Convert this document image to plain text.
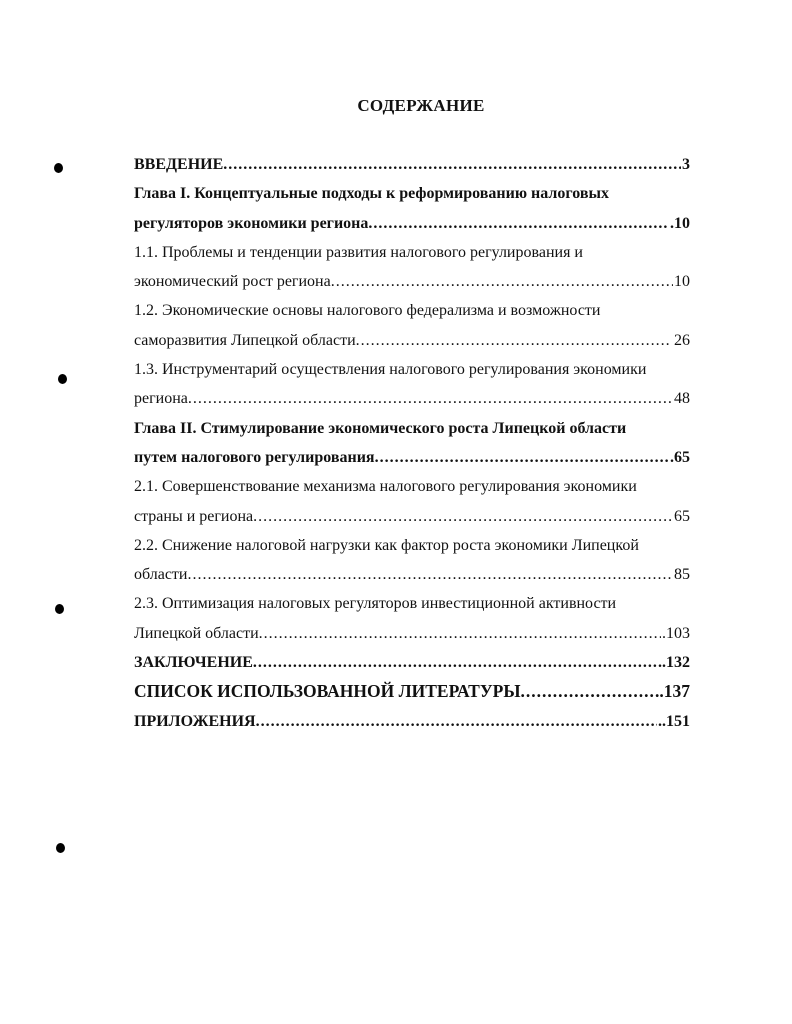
СОДЕРЖАНИЕ
ВВЕДЕНИЕ .....	3
Глава I. Концептуальные подходы к реформированию налоговых
регуляторов экономики региона .....	.10
1.1. Проблемы и тенденции развития налогового регулирования и
экономический рост региона .....	10
1.2. Экономические основы налогового федерализма и возможности
саморазвития Липецкой области .....	26
1.3. Инструментарий осуществления налогового регулирования экономики
региона .....	48
Глава II. Стимулирование экономического роста Липецкой области
путем налогового регулирования .....	.65
2.1. Совершенствование механизма налогового регулирования экономики
страны и региона .....	65
2.2. Снижение налоговой нагрузки как фактор роста экономики Липецкой
области .....	85
2.3. Оптимизация налоговых регуляторов инвестиционной активности
Липецкой области .....	.103
ЗАКЛЮЧЕНИЕ .....	..132
СПИСОК ИСПОЛЬЗОВАННОЙ ЛИТЕРАТУРЫ .....	..137
ПРИЛОЖЕНИЯ .....	..151
